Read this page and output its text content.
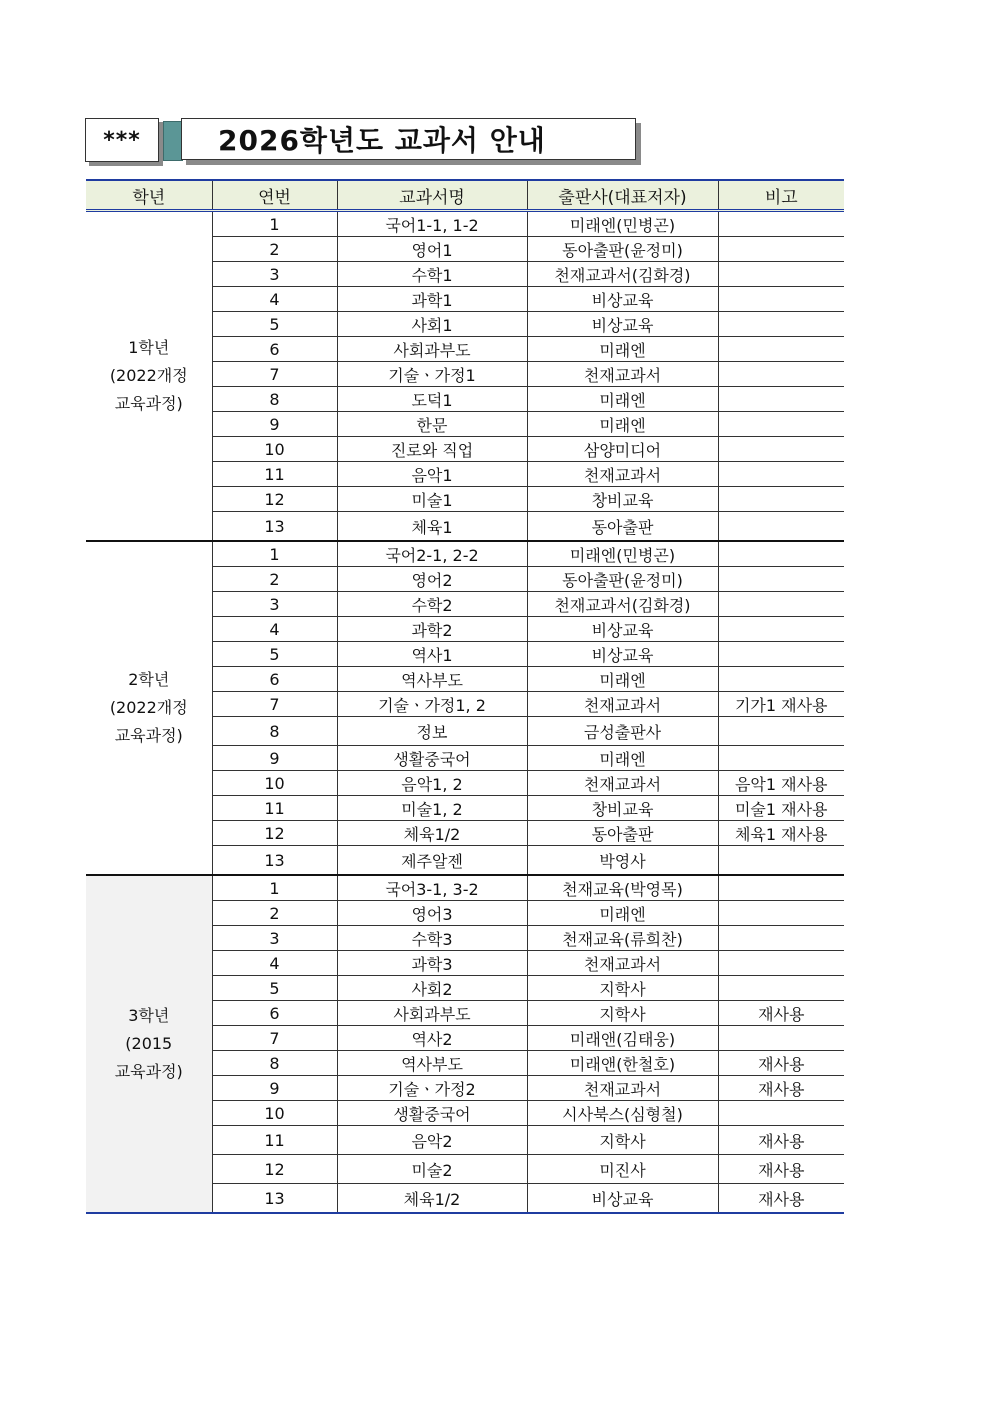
***	2026학년도 교과서 안내
학년	연번	교과서명	출판사(대표저자)	비고

1학년
(2022개정
교육과정)	1	국어1-1, 1-2	미래엔(민병곤)	
	2	영어1	동아출판(윤정미)	
	3	수학1	천재교과서(김화경)	
	4	과학1	비상교육	
	5	사회1	비상교육	
	6	사회과부도	미래엔	
	7	기술ㆍ가정1	천재교과서	
	8	도덕1	미래엔	
	9	한문	미래엔	
	10	진로와 직업	삼양미디어	
	11	음악1	천재교과서	
	12	미술1	창비교육	
	13	체육1	동아출판	

2학년
(2022개정
교육과정)	1	국어2-1, 2-2	미래엔(민병곤)	
	2	영어2	동아출판(윤정미)	
	3	수학2	천재교과서(김화경)	
	4	과학2	비상교육	
	5	역사1	비상교육	
	6	역사부도	미래엔	
	7	기술ㆍ가정1, 2	천재교과서	기가1 재사용
	8	정보	금성출판사	
	9	생활중국어	미래엔	
	10	음악1, 2	천재교과서	음악1 재사용
	11	미술1, 2	창비교육	미술1 재사용
	12	체육1/2	동아출판	체육1 재사용
	13	제주알젠	박영사	

3학년
(2015
교육과정)	1	국어3-1, 3-2	천재교육(박영목)	
	2	영어3	미래엔	
	3	수학3	천재교육(류희찬)	
	4	과학3	천재교과서	
	5	사회2	지학사	
	6	사회과부도	지학사	재사용
	7	역사2	미래앤(김태웅)	
	8	역사부도	미래앤(한철호)	재사용
	9	기술ㆍ가정2	천재교과서	재사용
	10	생활중국어	시사북스(심형철)	
	11	음악2	지학사	재사용
	12	미술2	미진사	재사용
	13	체육1/2	비상교육	재사용
